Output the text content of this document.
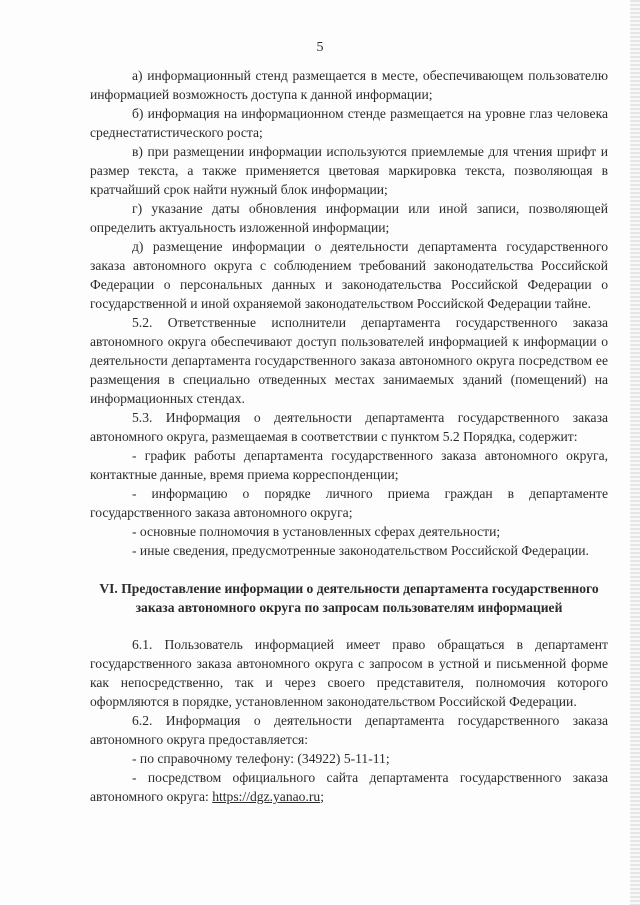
5

а) информационный стенд размещается в месте, обеспечивающем пользователю информацией возможность доступа к данной информации;

б) информация на информационном стенде размещается на уровне глаз человека среднестатистического роста;

в) при размещении информации используются приемлемые для чтения шрифт и размер текста, а также применяется цветовая маркировка текста, позволяющая в кратчайший срок найти нужный блок информации;

г) указание даты обновления информации или иной записи, позволяющей определить актуальность изложенной информации;

д) размещение информации о деятельности департамента государственного заказа автономного округа с соблюдением требований законодательства Российской Федерации о персональных данных и законодательства Российской Федерации о государственной и иной охраняемой законодательством Российской Федерации тайне.

5.2. Ответственные исполнители департамента государственного заказа автономного округа обеспечивают доступ пользователей информацией к информации о деятельности департамента государственного заказа автономного округа посредством ее размещения в специально отведенных местах занимаемых зданий (помещений) на информационных стендах.

5.3. Информация о деятельности департамента государственного заказа автономного округа, размещаемая в соответствии с пунктом 5.2 Порядка, содержит:

- график работы департамента государственного заказа автономного округа, контактные данные, время приема корреспонденции;

- информацию о порядке личного приема граждан в департаменте государственного заказа автономного округа;

- основные полномочия в установленных сферах деятельности;

- иные сведения, предусмотренные законодательством Российской Федерации.

VI. Предоставление информации о деятельности департамента государственного заказа автономного округа по запросам пользователям информацией

6.1. Пользователь информацией имеет право обращаться в департамент государственного заказа автономного округа с запросом в устной и письменной форме как непосредственно, так и через своего представителя, полномочия которого оформляются в порядке, установленном законодательством Российской Федерации.

6.2. Информация о деятельности департамента государственного заказа автономного округа предоставляется:

- по справочному телефону: (34922) 5-11-11;

- посредством официального сайта департамента государственного заказа автономного округа: https://dgz.yanao.ru;
